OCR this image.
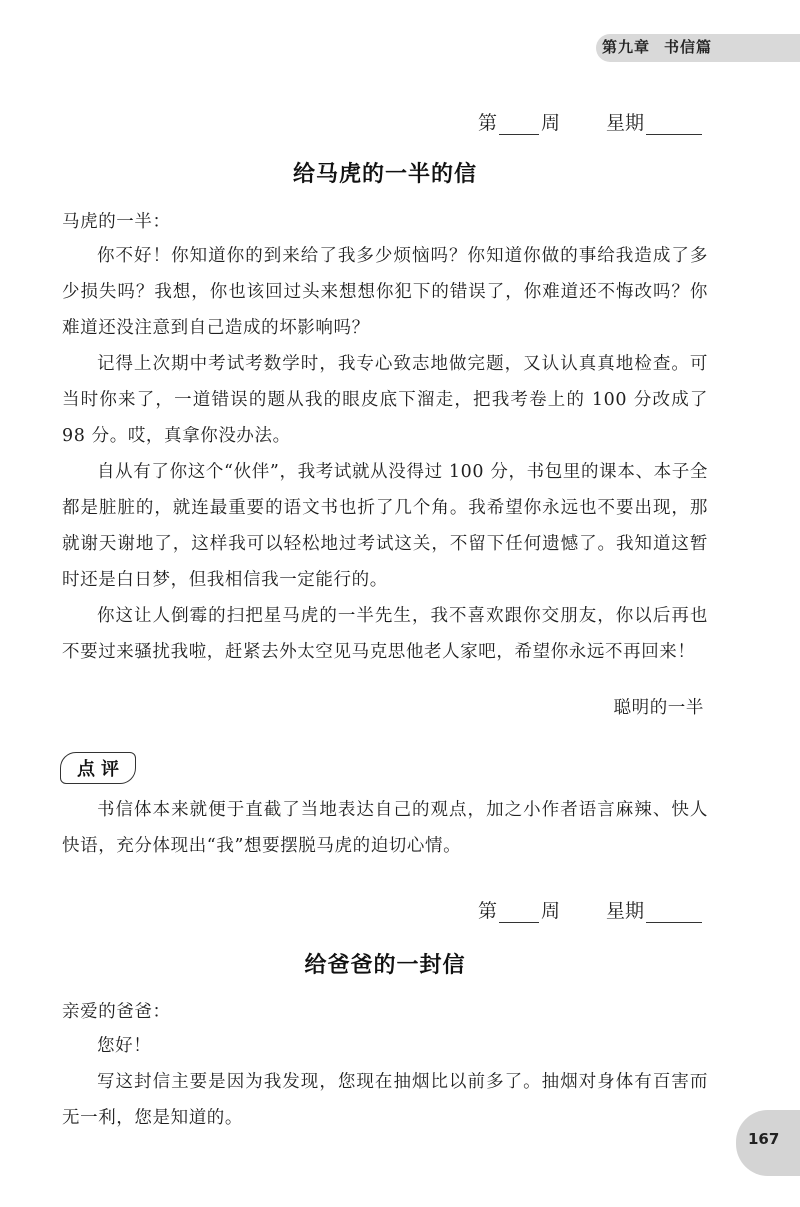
第九章 书信篇
第 周 星期
给马虎的一半的信
马虎的一半：

你不好！你知道你的到来给了我多少烦恼吗？你知道你做的事给我造成了多少损失吗？我想，你也该回过头来想想你犯下的错误了，你难道还不悔改吗？你难道还没注意到自己造成的坏影响吗？

记得上次期中考试考数学时，我专心致志地做完题，又认认真真地检查。可当时你来了，一道错误的题从我的眼皮底下溜走，把我考卷上的 100 分改成了 98 分。哎，真拿你没办法。

自从有了你这个“伙伴”，我考试就从没得过 100 分，书包里的课本、本子全都是脏脏的，就连最重要的语文书也折了几个角。我希望你永远也不要出现，那就谢天谢地了，这样我可以轻松地过考试这关，不留下任何遗憾了。我知道这暂时还是白日梦，但我相信我一定能行的。

你这让人倒霉的扫把星马虎的一半先生，我不喜欢跟你交朋友，你以后再也不要过来骚扰我啦，赶紧去外太空见马克思他老人家吧，希望你永远不再回来！

聪明的一半
点评
书信体本来就便于直截了当地表达自己的观点，加之小作者语言麻辣、快人快语，充分体现出“我”想要摆脱马虎的迫切心情。
第 周 星期
给爸爸的一封信
亲爱的爸爸：

您好！

写这封信主要是因为我发现，您现在抽烟比以前多了。抽烟对身体有百害而无一利，您是知道的。

167
